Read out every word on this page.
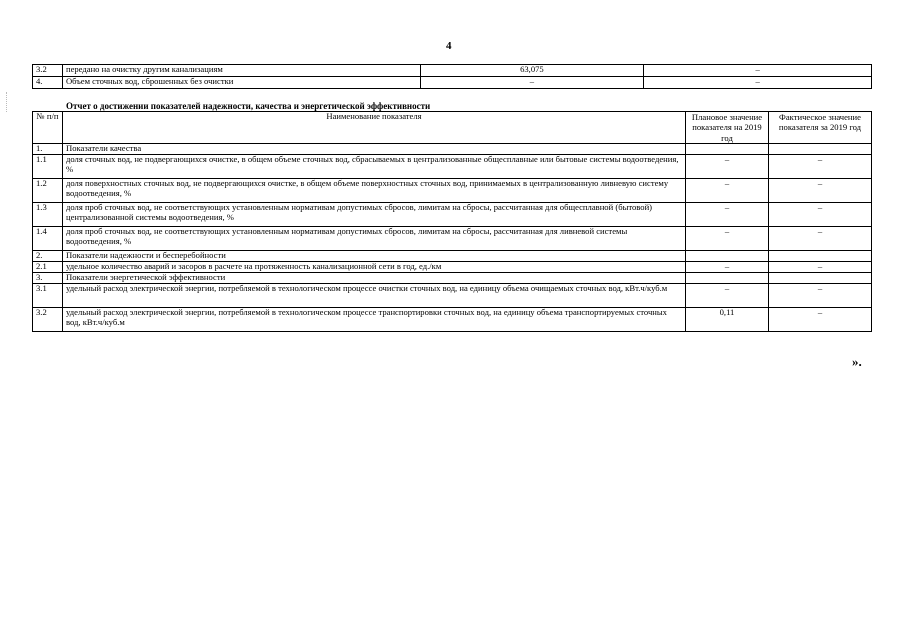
4
3.2	передано на очистку другим канализациям	63,075	–
4.	Объем сточных вод, сброшенных без очистки	–	–
Отчет о достижении показателей надежности, качества и энергетической эффективности
№ п/п	Наименование показателя	Плановое значение показателя на 2019 год	Фактическое значение показателя за 2019 год
1.	Показатели качества		
1.1	доля сточных вод, не подвергающихся очистке, в общем объеме сточных вод, сбрасываемых в централизованные общесплавные или бытовые системы водоотведения, %	–	–
1.2	доля поверхностных сточных вод, не подвергающихся очистке, в общем объеме поверхностных сточных вод, принимаемых в централизованную ливневую систему водоотведения, %	–	–
1.3	доля проб сточных вод, не соответствующих установленным нормативам допустимых сбросов, лимитам на сбросы, рассчитанная для общесплавной (бытовой) централизованной системы водоотведения, %	–	–
1.4	доля проб сточных вод, не соответствующих установленным нормативам допустимых сбросов, лимитам на сбросы, рассчитанная для ливневой системы водоотведения, %	–	–
2.	Показатели надежности и бесперебойности		
2.1	удельное количество аварий и засоров в расчете на протяженность канализационной сети в год, ед./км	–	–
3.	Показатели энергетической эффективности		
3.1	удельный расход электрической энергии, потребляемой в технологическом процессе очистки сточных вод, на единицу объема очищаемых сточных вод, кВт.ч/куб.м	–	–
3.2	удельный расход электрической энергии, потребляемой в технологическом процессе транспортировки сточных вод, на единицу объема транспортируемых сточных вод, кВт.ч/куб.м	0,11	–
».
